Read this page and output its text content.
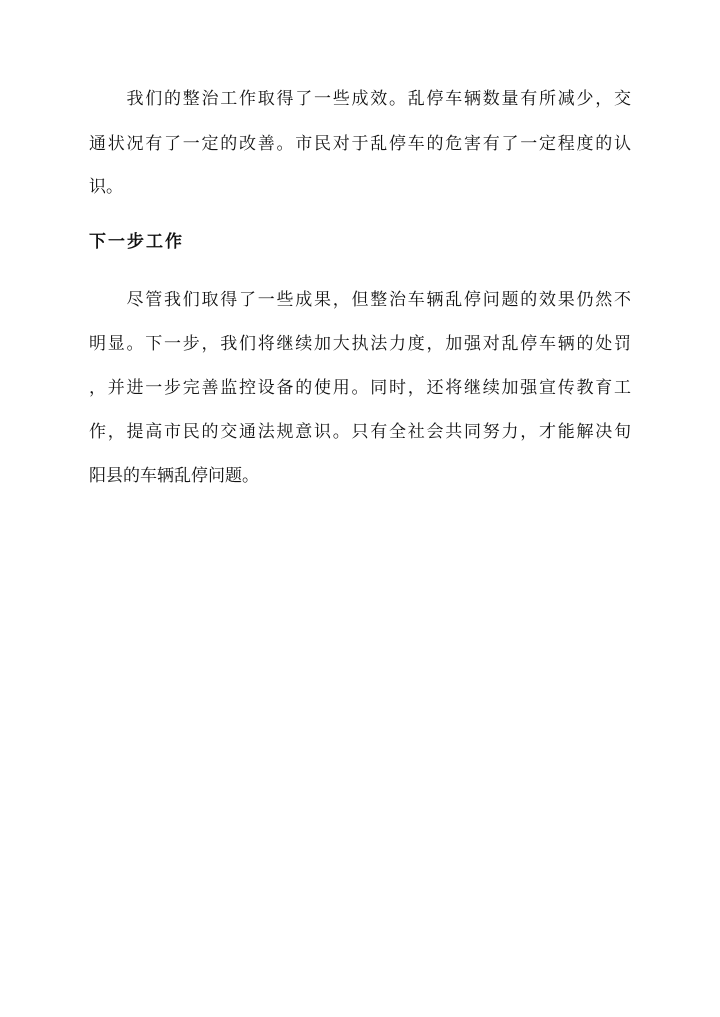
　　我们的整治工作取得了一些成效。乱停车辆数量有所减少，交
通状况有了一定的改善。市民对于乱停车的危害有了一定程度的认
识。
下一步工作
　　尽管我们取得了一些成果，但整治车辆乱停问题的效果仍然不
明显。下一步，我们将继续加大执法力度，加强对乱停车辆的处罚
，并进一步完善监控设备的使用。同时，还将继续加强宣传教育工
作，提高市民的交通法规意识。只有全社会共同努力，才能解决旬
阳县的车辆乱停问题。
